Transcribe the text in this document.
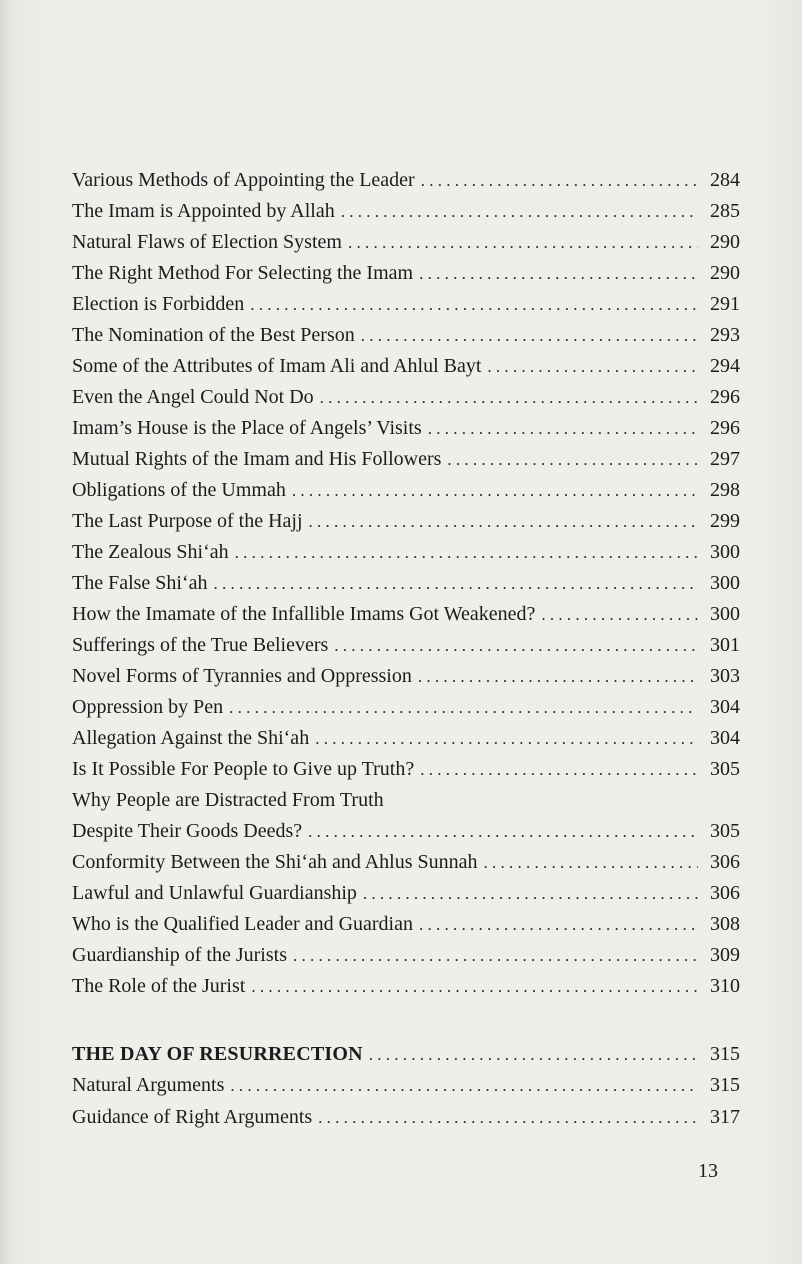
Various Methods of Appointing the Leader . . .	284
The Imam is Appointed by Allah . . .	285
Natural Flaws of Election System . . .	290
The Right Method For Selecting the Imam . . .	290
Election is Forbidden . . .	291
The Nomination of the Best Person . . .	293
Some of the Attributes of Imam Ali and Ahlul Bayt . . .	294
Even the Angel Could Not Do . . .	296
Imam’s House is the Place of Angels’ Visits . . .	296
Mutual Rights of the Imam and His Followers . . .	297
Obligations of the Ummah . . .	298
The Last Purpose of the Hajj . . .	299
The Zealous Shi‘ah . . .	300
The False Shi‘ah . . .	300
How the Imamate of the Infallible Imams Got Weakened? . . .	300
Sufferings of the True Believers . . .	301
Novel Forms of Tyrannies and Oppression . . .	303
Oppression by Pen . . .	304
Allegation Against the Shi‘ah . . .	304
Is It Possible For People to Give up Truth? . . .	305
Why People are Distracted From Truth
Despite Their Goods Deeds? . . .	305
Conformity Between the Shi‘ah and Ahlus Sunnah . . .	306
Lawful and Unlawful Guardianship . . .	306
Who is the Qualified Leader and Guardian . . .	308
Guardianship of the Jurists . . .	309
The Role of the Jurist . . .	310
THE DAY OF RESURRECTION . . .	315
Natural Arguments . . .	315
Guidance of Right Arguments . . .	317
13
